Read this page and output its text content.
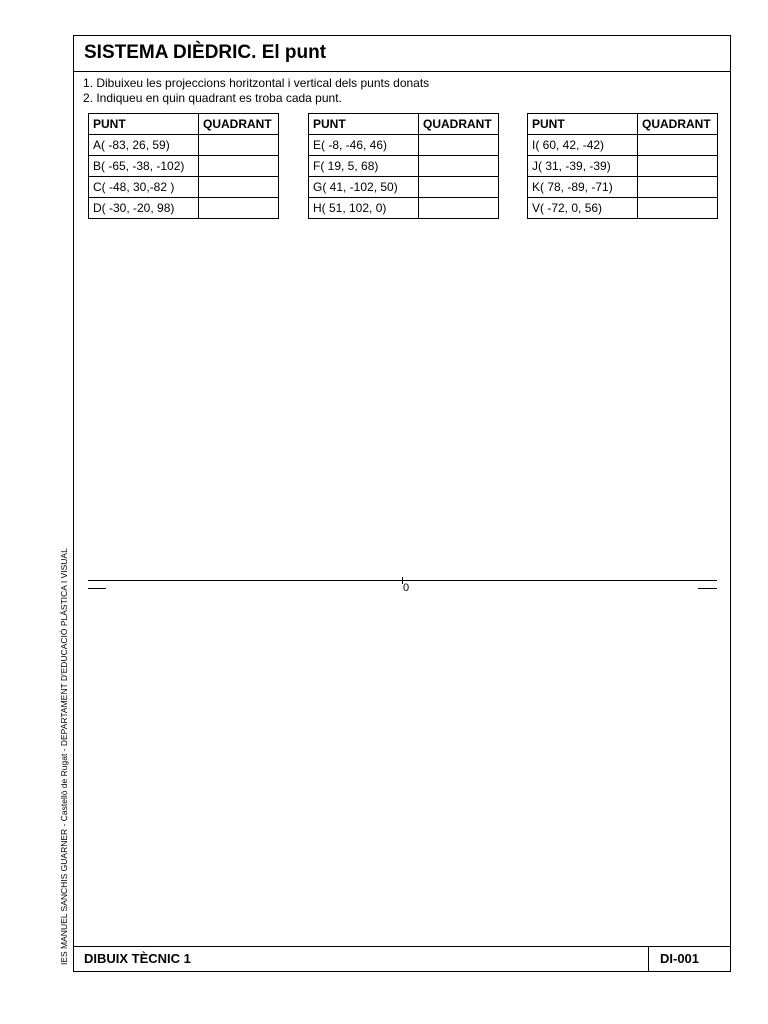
SISTEMA DIÈDRIC. El punt
1. Dibuixeu les projeccions horitzontal i vertical dels punts donats
2. Indiqueu en quin quadrant es troba cada punt.
PUNT	QUADRANT
A( -83, 26, 59)	
B( -65, -38, -102)	
C( -48, 30,-82 )	
D( -30, -20, 98)	
PUNT	QUADRANT
E( -8, -46, 46)	
F( 19, 5, 68)	
G( 41, -102, 50)	
H( 51, 102, 0)	
PUNT	QUADRANT
I( 60, 42, -42)	
J( 31, -39, -39)	
K( 78, -89, -71)	
V( -72, 0, 56)	
DIBUIX TÈCNIC 1	DI-001
0
IES MANUEL SANCHIS GUARNER - Castelló de Rugat - DEPARTAMENT D'EDUCACIÓ PLÀSTICA I VISUAL
